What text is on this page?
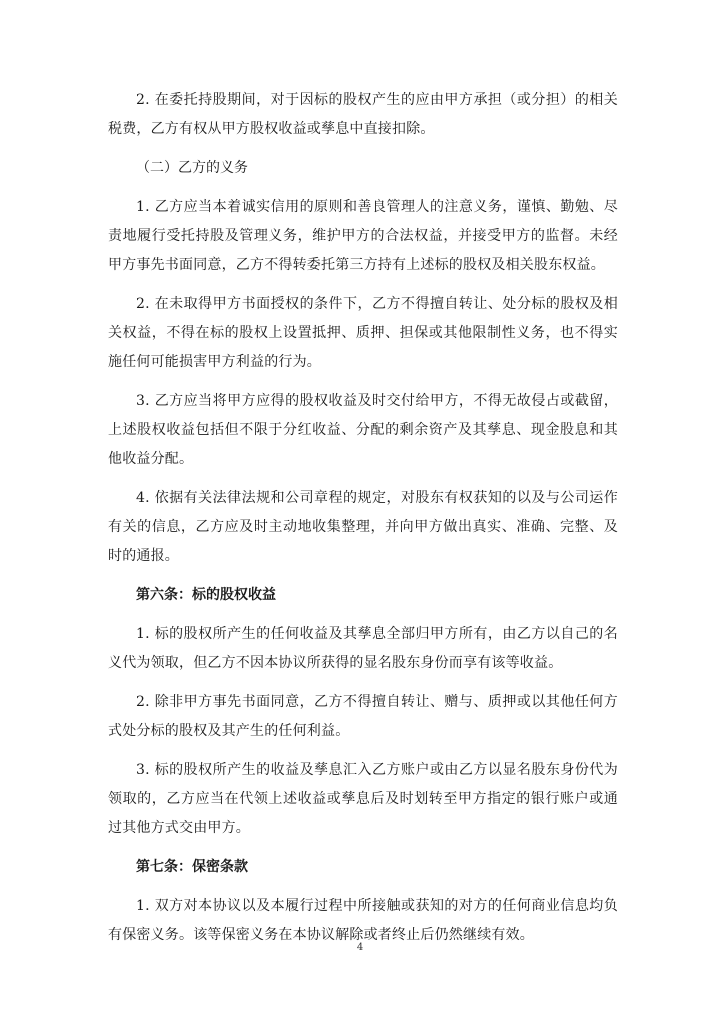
2. 在委托持股期间，对于因标的股权产生的应由甲方承担（或分担）的相关税费，乙方有权从甲方股权收益或孳息中直接扣除。

（二）乙方的义务

1. 乙方应当本着诚实信用的原则和善良管理人的注意义务，谨慎、勤勉、尽责地履行受托持股及管理义务，维护甲方的合法权益，并接受甲方的监督。未经甲方事先书面同意，乙方不得转委托第三方持有上述标的股权及相关股东权益。

2. 在未取得甲方书面授权的条件下，乙方不得擅自转让、处分标的股权及相关权益，不得在标的股权上设置抵押、质押、担保或其他限制性义务，也不得实施任何可能损害甲方利益的行为。

3. 乙方应当将甲方应得的股权收益及时交付给甲方，不得无故侵占或截留，上述股权收益包括但不限于分红收益、分配的剩余资产及其孳息、现金股息和其他收益分配。

4. 依据有关法律法规和公司章程的规定，对股东有权获知的以及与公司运作有关的信息，乙方应及时主动地收集整理，并向甲方做出真实、准确、完整、及时的通报。

第六条：标的股权收益

1. 标的股权所产生的任何收益及其孳息全部归甲方所有，由乙方以自己的名义代为领取，但乙方不因本协议所获得的显名股东身份而享有该等收益。

2. 除非甲方事先书面同意，乙方不得擅自转让、赠与、质押或以其他任何方式处分标的股权及其产生的任何利益。

3. 标的股权所产生的收益及孳息汇入乙方账户或由乙方以显名股东身份代为领取的，乙方应当在代领上述收益或孳息后及时划转至甲方指定的银行账户或通过其他方式交由甲方。

第七条：保密条款

1. 双方对本协议以及本履行过程中所接触或获知的对方的任何商业信息均负有保密义务。该等保密义务在本协议解除或者终止后仍然继续有效。

4
